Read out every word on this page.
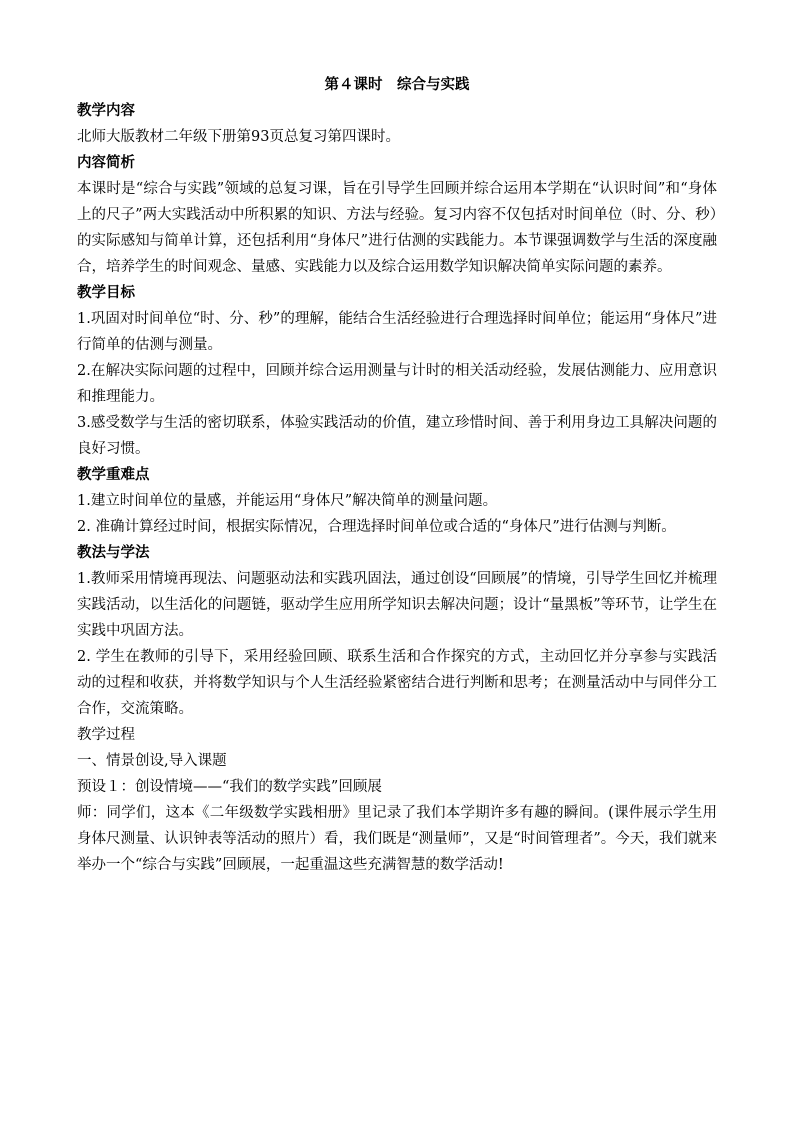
第４课时　综合与实践

教学内容

北师大版教材二年级下册第93页总复习第四课时。

内容简析

本课时是“综合与实践”领域的总复习课，旨在引导学生回顾并综合运用本学期在“认识时间”和“身体上的尺子”两大实践活动中所积累的知识、方法与经验。复习内容不仅包括对时间单位（时、分、秒）的实际感知与简单计算，还包括利用“身体尺”进行估测的实践能力。本节课强调数学与生活的深度融合，培养学生的时间观念、量感、实践能力以及综合运用数学知识解决简单实际问题的素养。

教学目标

1.巩固对时间单位“时、分、秒”的理解，能结合生活经验进行合理选择时间单位；能运用“身体尺”进行简单的估测与测量。

2.在解决实际问题的过程中，回顾并综合运用测量与计时的相关活动经验，发展估测能力、应用意识和推理能力。

3.感受数学与生活的密切联系，体验实践活动的价值，建立珍惜时间、善于利用身边工具解决问题的良好习惯。

教学重难点

1.建立时间单位的量感，并能运用“身体尺”解决简单的测量问题。

2. 准确计算经过时间，根据实际情况，合理选择时间单位或合适的“身体尺”进行估测与判断。

教法与学法

1.教师采用情境再现法、问题驱动法和实践巩固法，通过创设“回顾展”的情境，引导学生回忆并梳理实践活动，以生活化的问题链，驱动学生应用所学知识去解决问题；设计“量黑板”等环节，让学生在实践中巩固方法。

2. 学生在教师的引导下，采用经验回顾、联系生活和合作探究的方式，主动回忆并分享参与实践活动的过程和收获，并将数学知识与个人生活经验紧密结合进行判断和思考；在测量活动中与同伴分工合作，交流策略。

教学过程

一、情景创设,导入课题

预设１：创设情境——“我们的数学实践”回顾展

师：同学们，这本《二年级数学实践相册》里记录了我们本学期许多有趣的瞬间。(课件展示学生用身体尺测量、认识钟表等活动的照片）看，我们既是“测量师”，又是“时间管理者”。今天，我们就来举办一个“综合与实践”回顾展，一起重温这些充满智慧的数学活动!
